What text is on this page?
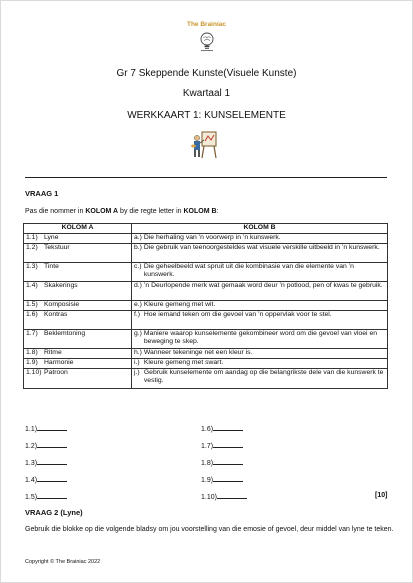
The Brainiac
Gr 7 Skeppende Kunste(Visuele Kunste)
Kwartaal 1
WERKKAART 1: KUNSELEMENTE
VRAAG 1
Pas die nommer in KOLOM A by die regte letter in KOLOM B:
KOLOM A	KOLOM B
1.1) Lyne	a.) Die herhaling van ’n voorwerp in ’n kunswerk.
1.2) Tekstuur	b.) Die gebruik van teenoorgesteldes wat visuele verskille uitbeeld in ’n kunswerk.
1.3) Tinte	c.) Die geheelbeeld wat spruit uit die kombinasie van die elemente van ’n kunswerk.
1.4) Skakerings	d.) ’n Deurlopende merk wat gemaak word deur ’n potlood, pen of kwas te gebruik.
1.5) Komposisie	e.) Kleure gemeng met wit.
1.6) Kontras	f.) Hoe iemand teken om die gevoel van ’n oppervlak voor te stel.
1.7) Beklemtoning	g.) Maniere waarop kunselemente gekombineer word om die gevoel van vloei en beweging te skep.
1.8) Ritme	h.) Wanneer tekeninge net een kleur is.
1.9) Harmonie	i.) Kleure gemeng met swart.
1.10) Patroon	j.) Gebruik kunselemente om aandag op die belangrikste dele van die kunswerk te vestig.
1.1)
1.2)
1.3)
1.4)
1.5)
1.6)
1.7)
1.8)
1.9)
1.10)	[10]
VRAAG 2 (Lyne)
Gebruik die blokke op die volgende bladsy om jou voorstelling van die emosie of gevoel, deur middel van lyne te teken.
Copyright © The Brainiac 2022
